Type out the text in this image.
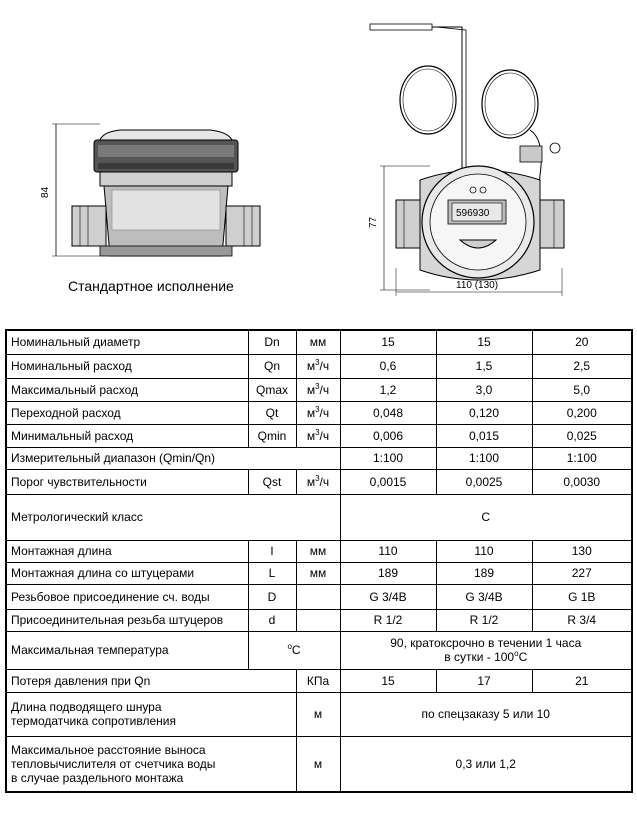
84
596930
77
110 (130)
Стандартное исполнение
Номинальный диаметр	Dn	мм	15	15	20
Номинальный расход	Qn	$м^3/ч$	0,6	1,5	2,5
Максимальный расход	Qmax	$м^3/ч$	1,2	3,0	5,0
Переходной расход	Qt	$м^3/ч$	0,048	0,120	0,200
Минимальный расход	Qmin	$м^3/ч$	0,006	0,015	0,025
Измерительный диапазон (Qmin/Qn)			1:100	1:100	1:100
Порог чувствительности	Qst	$м^3/ч$	0,0015	0,0025	0,0030
Метрологический класс			C		
Монтажная длина	l	мм	110	110	130
Монтажная длина со штуцерами	L	мм	189	189	227
Резьбовое присоединение сч. воды	D		G 3/4B	G 3/4B	G 1B
Присоединительная резьба штуцеров	d		R 1/2	R 1/2	R 3/4
Максимальная температура	$^o$C		90, кратоксрочно в течении 1 часа
в сутки - 100$^o$C		

Потеря давления при Qn		КПа	15	17	21

Длина подводящего шнура
термодатчика сопротивления		м	по спецзаказу 5 или 10		

Максимальное расстояние выноса
тепловычислителя от счетчика воды
в случае раздельного монтажа		м	0,3 или 1,2		
